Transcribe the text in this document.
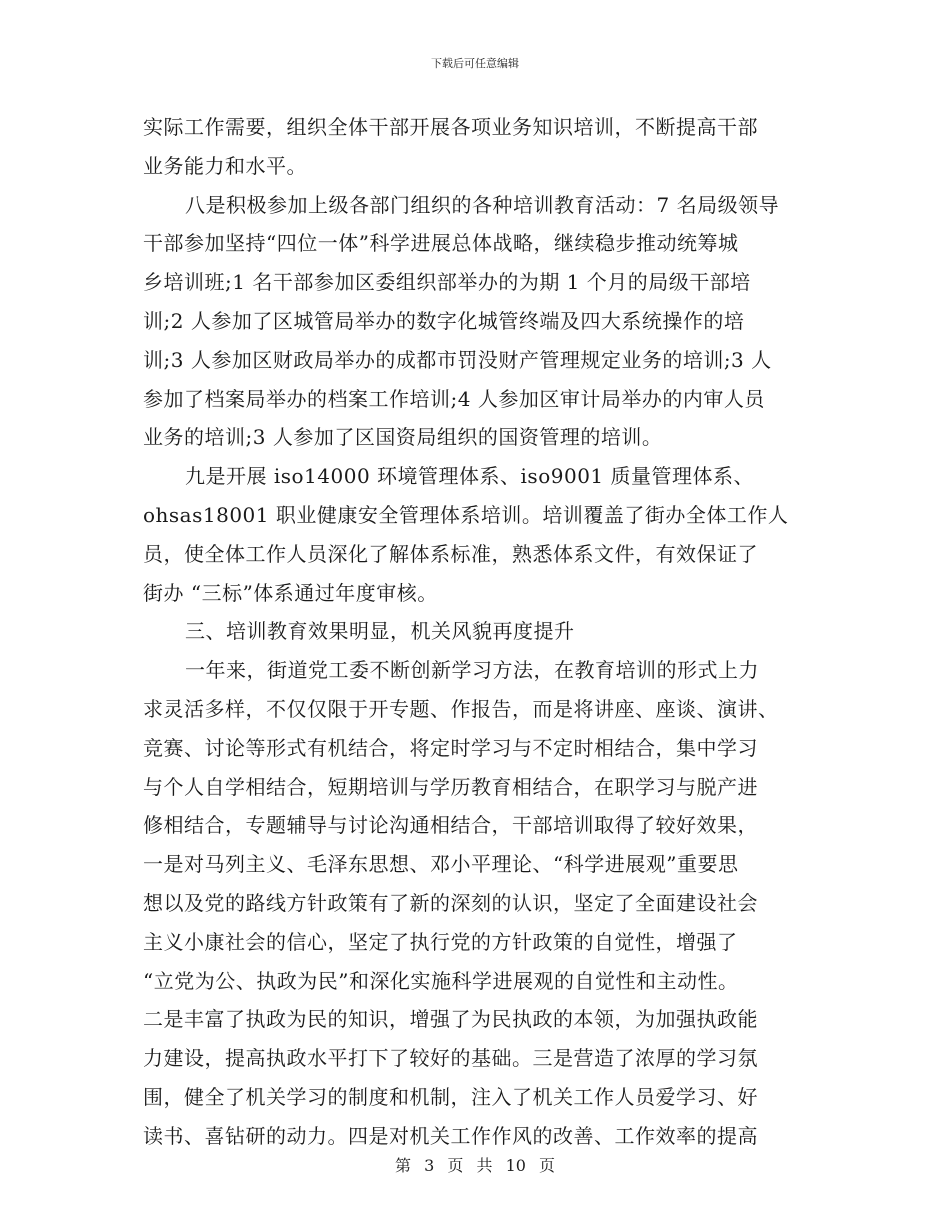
下载后可任意编辑
实际工作需要，组织全体干部开展各项业务知识培训，不断提高干部
业务能力和水平。
八是积极参加上级各部门组织的各种培训教育活动：7 名局级领导
干部参加坚持“四位一体”科学进展总体战略，继续稳步推动统筹城
乡培训班;1 名干部参加区委组织部举办的为期 1 个月的局级干部培
训;2 人参加了区城管局举办的数字化城管终端及四大系统操作的培
训;3 人参加区财政局举办的成都市罚没财产管理规定业务的培训;3 人
参加了档案局举办的档案工作培训;4 人参加区审计局举办的内审人员
业务的培训;3 人参加了区国资局组织的国资管理的培训。
九是开展 iso14000 环境管理体系、iso9001 质量管理体系、
ohsas18001 职业健康安全管理体系培训。培训覆盖了街办全体工作人
员，使全体工作人员深化了解体系标准，熟悉体系文件，有效保证了
街办 “三标”体系通过年度审核。
三、培训教育效果明显，机关风貌再度提升
一年来，街道党工委不断创新学习方法，在教育培训的形式上力
求灵活多样，不仅仅限于开专题、作报告，而是将讲座、座谈、演讲、
竞赛、讨论等形式有机结合，将定时学习与不定时相结合，集中学习
与个人自学相结合，短期培训与学历教育相结合，在职学习与脱产进
修相结合，专题辅导与讨论沟通相结合，干部培训取得了较好效果，
一是对马列主义、毛泽东思想、邓小平理论、“科学进展观”重要思
想以及党的路线方针政策有了新的深刻的认识，坚定了全面建设社会
主义小康社会的信心，坚定了执行党的方针政策的自觉性，增强了
“立党为公、执政为民”和深化实施科学进展观的自觉性和主动性。
二是丰富了执政为民的知识，增强了为民执政的本领，为加强执政能
力建设，提高执政水平打下了较好的基础。三是营造了浓厚的学习氛
围，健全了机关学习的制度和机制，注入了机关工作人员爱学习、好
读书、喜钻研的动力。四是对机关工作作风的改善、工作效率的提高
第 3 页 共 10 页
